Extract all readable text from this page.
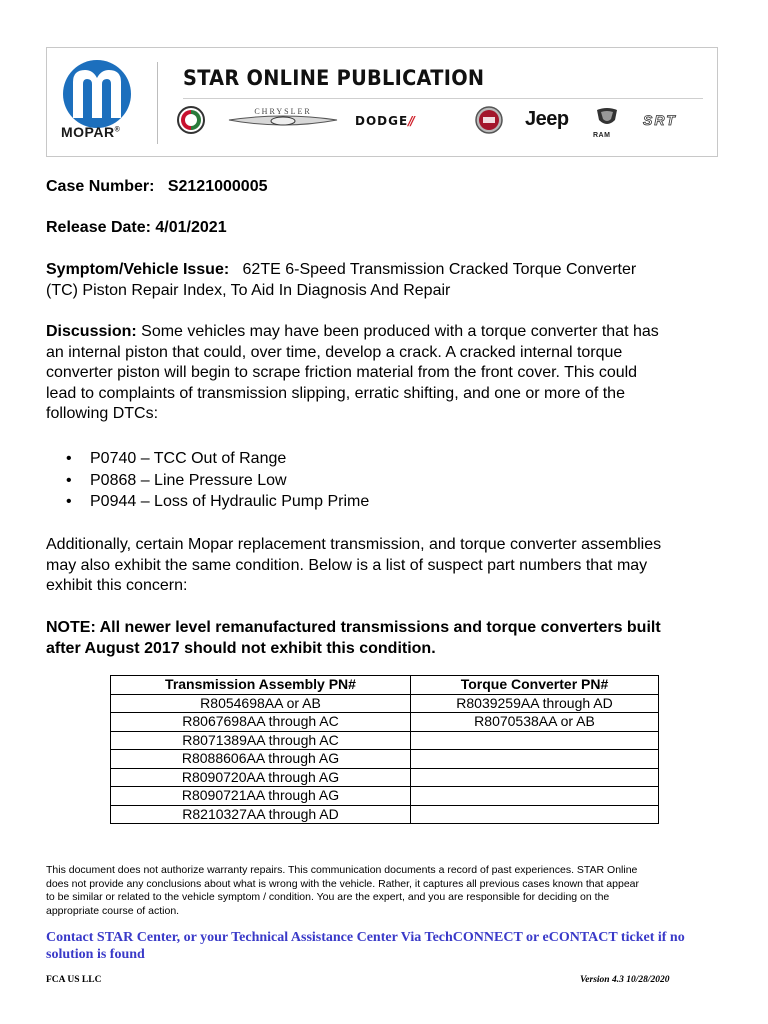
MOPAR®
STAR ONLINE PUBLICATION
CHRYSLER
DODGE//	Jeep
RAM
SRT
Case Number: S2121000005
Release Date: 4/01/2021
Symptom/Vehicle Issue: 62TE 6-Speed Transmission Cracked Torque Converter
(TC) Piston Repair Index, To Aid In Diagnosis And Repair
Discussion: Some vehicles may have been produced with a torque converter that has
an internal piston that could, over time, develop a crack. A cracked internal torque
converter piston will begin to scrape friction material from the front cover. This could
lead to complaints of transmission slipping, erratic shifting, and one or more of the
following DTCs:
• P0740 – TCC Out of Range
• P0868 – Line Pressure Low
• P0944 – Loss of Hydraulic Pump Prime
Additionally, certain Mopar replacement transmission, and torque converter assemblies
may also exhibit the same condition. Below is a list of suspect part numbers that may
exhibit this concern:
NOTE: All newer level remanufactured transmissions and torque converters built
after August 2017 should not exhibit this condition.
Transmission Assembly PN#	Torque Converter PN#
R8054698AA or AB	R8039259AA through AD
R8067698AA through AC	R8070538AA or AB
R8071389AA through AC	
R8088606AA through AG	
R8090720AA through AG	
R8090721AA through AG	
R8210327AA through AD	
This document does not authorize warranty repairs. This communication documents a record of past experiences. STAR Online
does not provide any conclusions about what is wrong with the vehicle. Rather, it captures all previous cases known that appear
to be similar or related to the vehicle symptom / condition. You are the expert, and you are responsible for deciding on the
appropriate course of action.
Contact STAR Center, or your Technical Assistance Center Via TechCONNECT or eCONTACT ticket if no
solution is found
FCA US LLC	Version 4.3 10/28/2020
